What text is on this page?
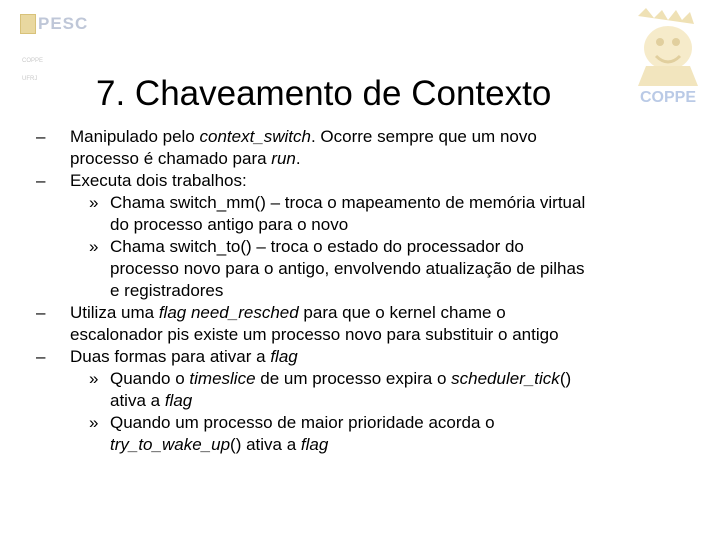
PESC
COPPE
UFRJ
COPPE
7. Chaveamento de Contexto
– Manipulado pelo context_switch. Ocorre sempre que um novo
processo é chamado para run.
– Executa dois trabalhos:
» Chama switch_mm() – troca o mapeamento de memória virtual
do processo antigo para o novo
» Chama switch_to() – troca o estado do processador do
processo novo para o antigo, envolvendo atualização de pilhas
e registradores
– Utiliza uma flag need_resched para que o kernel chame o
escalonador pis existe um processo novo para substituir o antigo
– Duas formas para ativar a flag
» Quando o timeslice de um processo expira o scheduler_tick()
ativa a flag
» Quando um processo de maior prioridade acorda o
try_to_wake_up() ativa a flag
